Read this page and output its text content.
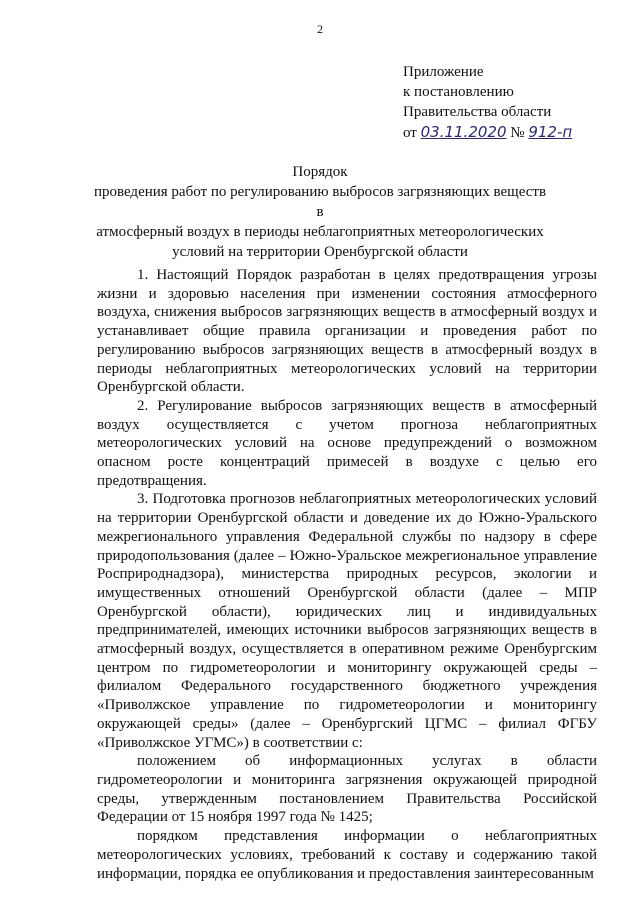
2
Приложение
к постановлению
Правительства области
от 03.11.2020 № 912-п
Порядок
проведения работ по регулированию выбросов загрязняющих веществ в
атмосферный воздух в периоды неблагоприятных метеорологических
условий на территории Оренбургской области

1. Настоящий Порядок разработан в целях предотвращения угрозы жизни и здоровью населения при изменении состояния атмосферного воздуха, снижения выбросов загрязняющих веществ в атмосферный воздух и устанавливает общие правила организации и проведения работ по регулированию выбросов загрязняющих веществ в атмосферный воздух в периоды неблагоприятных метеорологических условий на территории Оренбургской области.

2. Регулирование выбросов загрязняющих веществ в атмосферный воздух осуществляется с учетом прогноза неблагоприятных метеорологических условий на основе предупреждений о возможном опасном росте концентраций примесей в воздухе с целью его предотвращения.

3. Подготовка прогнозов неблагоприятных метеорологических условий на территории Оренбургской области и доведение их до Южно-Уральского межрегионального управления Федеральной службы по надзору в сфере природопользования (далее – Южно-Уральское межрегиональное управление Росприроднадзора), министерства природных ресурсов, экологии и имущественных отношений Оренбургской области (далее – МПР Оренбургской области), юридических лиц и индивидуальных предпринимателей, имеющих источники выбросов загрязняющих веществ в атмосферный воздух, осуществляется в оперативном режиме Оренбургским центром по гидрометеорологии и мониторингу окружающей среды – филиалом Федерального государственного бюджетного учреждения «Приволжское управление по гидрометеорологии и мониторингу окружающей среды» (далее – Оренбургский ЦГМС – филиал ФГБУ «Приволжское УГМС») в соответствии с:

положением об информационных услугах в области гидрометеорологии и мониторинга загрязнения окружающей природной среды, утвержденным постановлением Правительства Российской Федерации от 15 ноября 1997 года № 1425;

порядком представления информации о неблагоприятных метеорологических условиях, требований к составу и содержанию такой информации, порядка ее опубликования и предоставления заинтересованным
